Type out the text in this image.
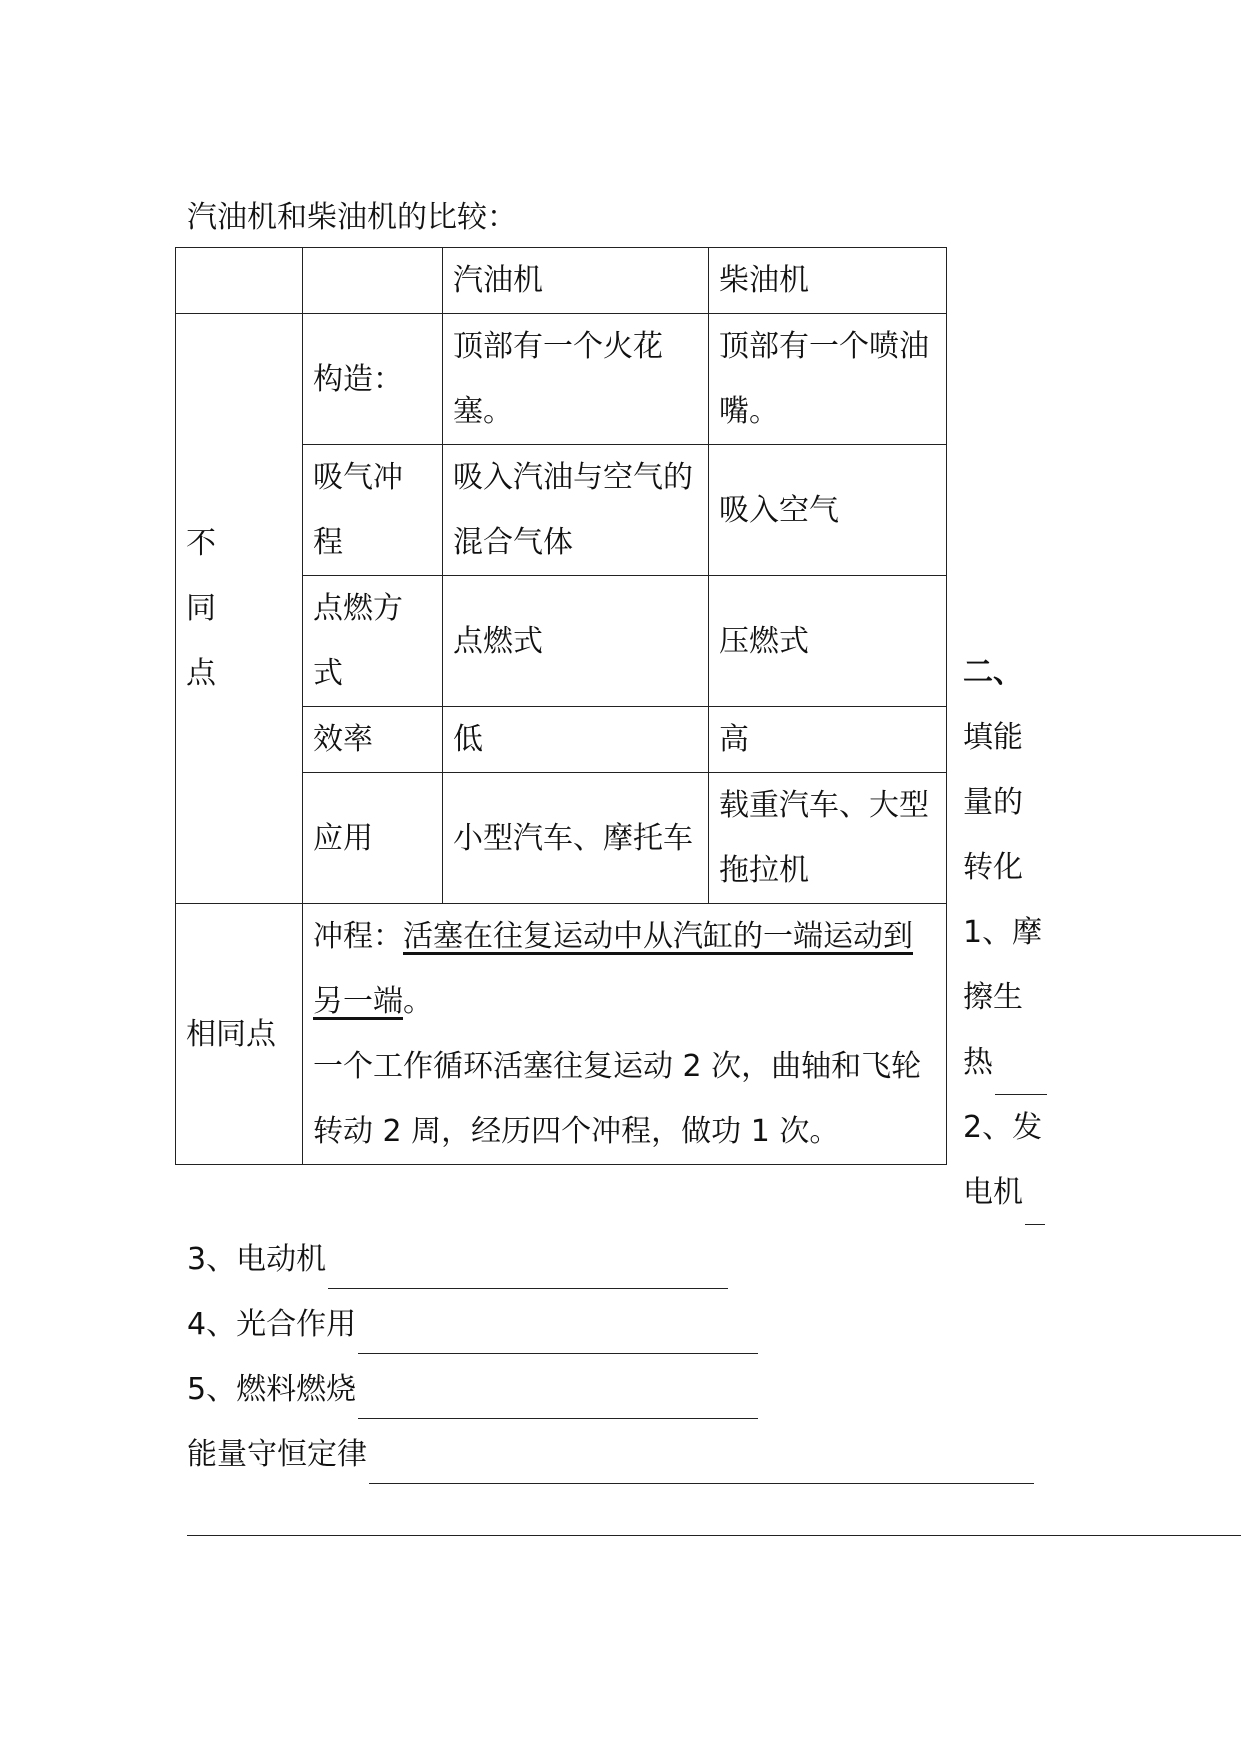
汽油机和柴油机的比较：
		汽油机	柴油机
不同点	构造：	顶部有一个火花塞。	顶部有一个喷油嘴。
	吸气冲程	吸入汽油与空气的混合气体	吸入空气
	点燃方式	点燃式	压燃式
	效率	低	高
	应用	小型汽车、摩托车	载重汽车、大型拖拉机
相同点	冲程：活塞在往复运动中从汽缸的一端运动到另一端。
一个工作循环活塞往复运动 2 次，曲轴和飞轮转动 2 周，经历四个冲程，做功 1 次。		
二、
填能量的转化
1、摩擦生热
2、发电机
3、电动机
4、光合作用
5、燃料燃烧
能量守恒定律
